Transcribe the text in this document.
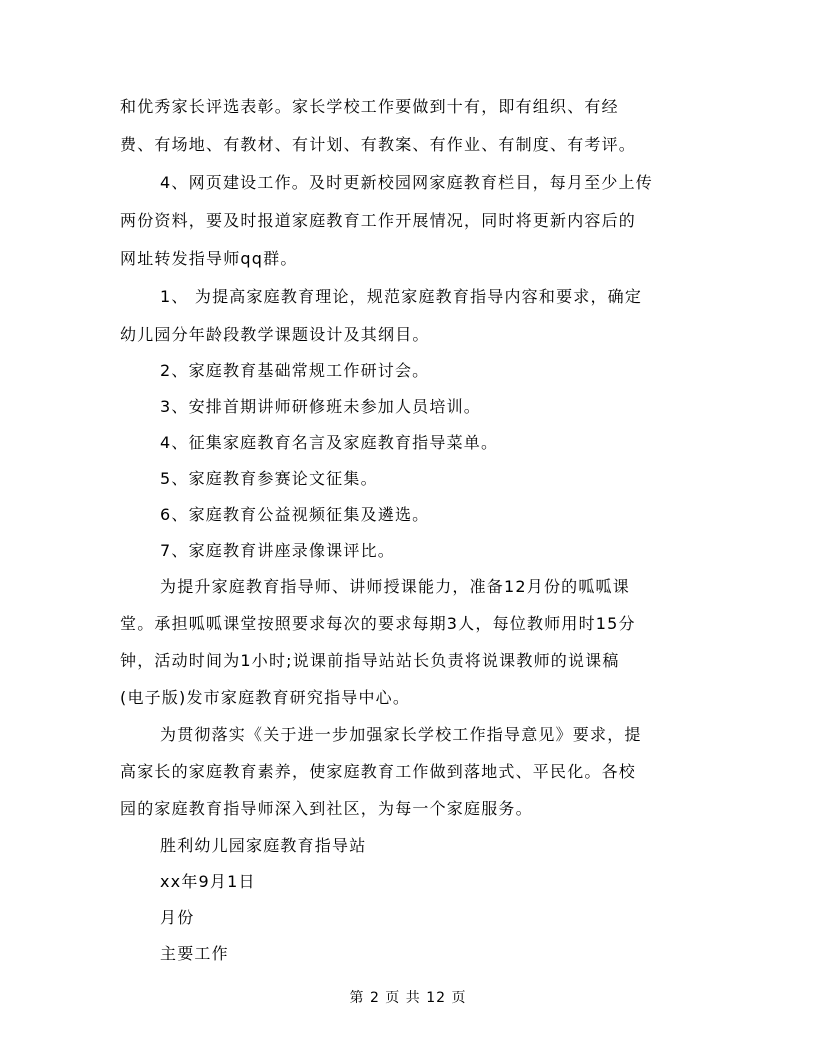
和优秀家长评选表彰。家长学校工作要做到十有，即有组织、有经
费、有场地、有教材、有计划、有教案、有作业、有制度、有考评。
4、网页建设工作。及时更新校园网家庭教育栏目，每月至少上传
两份资料，要及时报道家庭教育工作开展情况，同时将更新内容后的
网址转发指导师qq群。
1、 为提高家庭教育理论，规范家庭教育指导内容和要求，确定
幼儿园分年龄段教学课题设计及其纲目。
2、家庭教育基础常规工作研讨会。
3、安排首期讲师研修班未参加人员培训。
4、征集家庭教育名言及家庭教育指导菜单。
5、家庭教育参赛论文征集。
6、家庭教育公益视频征集及遴选。
7、家庭教育讲座录像课评比。
为提升家庭教育指导师、讲师授课能力，准备12月份的呱呱课
堂。承担呱呱课堂按照要求每次的要求每期3人，每位教师用时15分
钟，活动时间为1小时;说课前指导站站长负责将说课教师的说课稿
(电子版)发市家庭教育研究指导中心。
为贯彻落实《关于进一步加强家长学校工作指导意见》要求，提
高家长的家庭教育素养，使家庭教育工作做到落地式、平民化。各校
园的家庭教育指导师深入到社区，为每一个家庭服务。
胜利幼儿园家庭教育指导站
xx年9月1日
月份
主要工作
第 2 页 共 12 页
